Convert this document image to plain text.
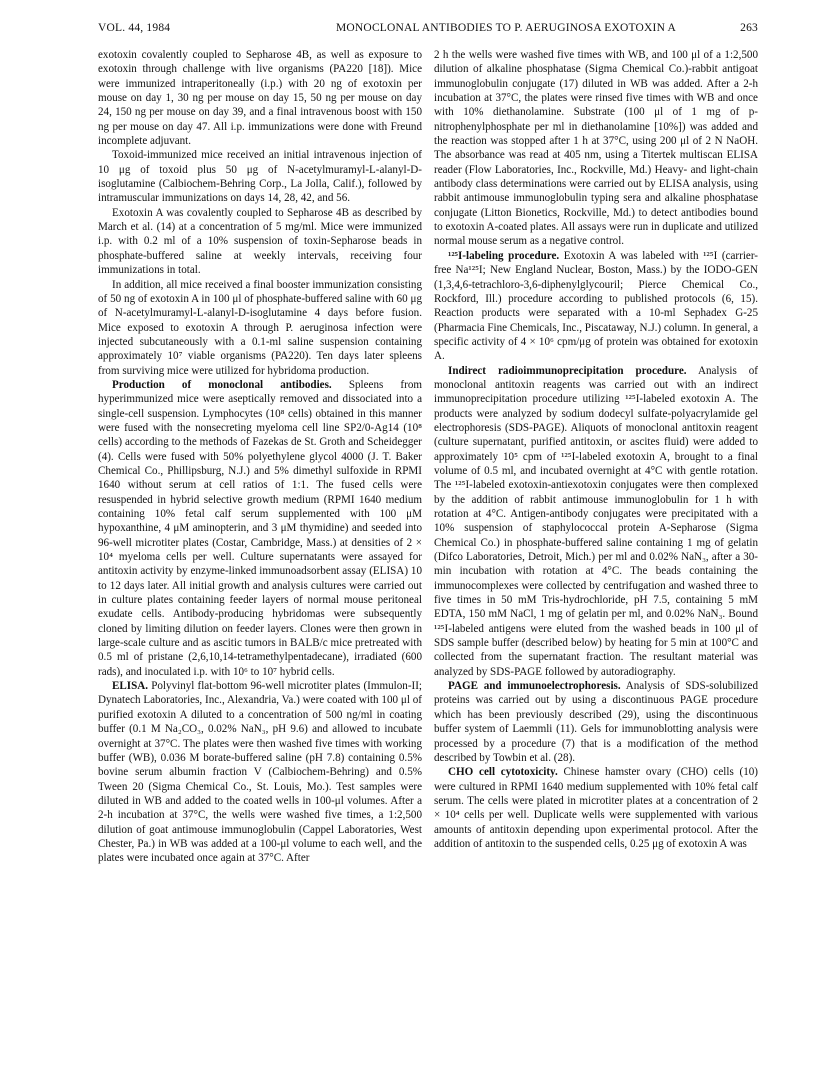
VOL. 44, 1984	MONOCLONAL ANTIBODIES TO P. AERUGINOSA EXOTOXIN A	263

exotoxin covalently coupled to Sepharose 4B, as well as exposure to exotoxin through challenge with live organisms (PA220 [18]). Mice were immunized intraperitoneally (i.p.) with 20 ng of exotoxin per mouse on day 1, 30 ng per mouse on day 15, 50 ng per mouse on day 24, 150 ng per mouse on day 39, and a final intravenous boost with 150 ng per mouse on day 47. All i.p. immunizations were done with Freund incomplete adjuvant.

Toxoid-immunized mice received an initial intravenous injection of 10 μg of toxoid plus 50 μg of N-acetylmuramyl-L-alanyl-D-isoglutamine (Calbiochem-Behring Corp., La Jolla, Calif.), followed by intramuscular immunizations on days 14, 28, 42, and 56.

Exotoxin A was covalently coupled to Sepharose 4B as described by March et al. (14) at a concentration of 5 mg/ml. Mice were immunized i.p. with 0.2 ml of a 10% suspension of toxin-Sepharose beads in phosphate-buffered saline at weekly intervals, receiving four immunizations in total.

In addition, all mice received a final booster immunization consisting of 50 ng of exotoxin A in 100 μl of phosphate-buffered saline with 60 μg of N-acetylmuramyl-L-alanyl-D-isoglutamine 4 days before fusion. Mice exposed to exotoxin A through P. aeruginosa infection were injected subcutaneously with a 0.1-ml saline suspension containing approximately 10⁷ viable organisms (PA220). Ten days later spleens from surviving mice were utilized for hybridoma production.

Production of monoclonal antibodies. Spleens from hyperimmunized mice were aseptically removed and dissociated into a single-cell suspension. Lymphocytes (10⁸ cells) obtained in this manner were fused with the nonsecreting myeloma cell line SP2/0-Ag14 (10⁸ cells) according to the methods of Fazekas de St. Groth and Scheidegger (4). Cells were fused with 50% polyethylene glycol 4000 (J. T. Baker Chemical Co., Phillipsburg, N.J.) and 5% dimethyl sulfoxide in RPMI 1640 without serum at cell ratios of 1:1. The fused cells were resuspended in hybrid selective growth medium (RPMI 1640 medium containing 10% fetal calf serum supplemented with 100 μM hypoxanthine, 4 μM aminopterin, and 3 μM thymidine) and seeded into 96-well microtiter plates (Costar, Cambridge, Mass.) at densities of 2 × 10⁴ myeloma cells per well. Culture supernatants were assayed for antitoxin activity by enzyme-linked immunoadsorbent assay (ELISA) 10 to 12 days later. All initial growth and analysis cultures were carried out in culture plates containing feeder layers of normal mouse peritoneal exudate cells. Antibody-producing hybridomas were subsequently cloned by limiting dilution on feeder layers. Clones were then grown in large-scale culture and as ascitic tumors in BALB/c mice pretreated with 0.5 ml of pristane (2,6,10,14-tetramethylpentadecane), irradiated (600 rads), and inoculated i.p. with 10⁶ to 10⁷ hybrid cells.

ELISA. Polyvinyl flat-bottom 96-well microtiter plates (Immulon-II; Dynatech Laboratories, Inc., Alexandria, Va.) were coated with 100 μl of purified exotoxin A diluted to a concentration of 500 ng/ml in coating buffer (0.1 M Na₂CO₃, 0.02% NaN₃, pH 9.6) and allowed to incubate overnight at 37°C. The plates were then washed five times with working buffer (WB), 0.036 M borate-buffered saline (pH 7.8) containing 0.5% bovine serum albumin fraction V (Calbiochem-Behring) and 0.5% Tween 20 (Sigma Chemical Co., St. Louis, Mo.). Test samples were diluted in WB and added to the coated wells in 100-μl volumes. After a 2-h incubation at 37°C, the wells were washed five times, a 1:2,500 dilution of goat antimouse immunoglobulin (Cappel Laboratories, West Chester, Pa.) in WB was added at a 100-μl volume to each well, and the plates were incubated once again at 37°C. After

2 h the wells were washed five times with WB, and 100 μl of a 1:2,500 dilution of alkaline phosphatase (Sigma Chemical Co.)-rabbit antigoat immunoglobulin conjugate (17) diluted in WB was added. After a 2-h incubation at 37°C, the plates were rinsed five times with WB and once with 10% diethanolamine. Substrate (100 μl of 1 mg of p-nitrophenylphosphate per ml in diethanolamine [10%]) was added and the reaction was stopped after 1 h at 37°C, using 200 μl of 2 N NaOH. The absorbance was read at 405 nm, using a Titertek multiscan ELISA reader (Flow Laboratories, Inc., Rockville, Md.) Heavy- and light-chain antibody class determinations were carried out by ELISA analysis, using rabbit antimouse immunoglobulin typing sera and alkaline phosphatase conjugate (Litton Bionetics, Rockville, Md.) to detect antibodies bound to exotoxin A-coated plates. All assays were run in duplicate and utilized normal mouse serum as a negative control.

¹²⁵I-labeling procedure. Exotoxin A was labeled with ¹²⁵I (carrier-free Na¹²⁵I; New England Nuclear, Boston, Mass.) by the IODO-GEN (1,3,4,6-tetrachloro-3,6-diphenylglycouril; Pierce Chemical Co., Rockford, Ill.) procedure according to published protocols (6, 15). Reaction products were separated with a 10-ml Sephadex G-25 (Pharmacia Fine Chemicals, Inc., Piscataway, N.J.) column. In general, a specific activity of 4 × 10⁶ cpm/μg of protein was obtained for exotoxin A.

Indirect radioimmunoprecipitation procedure. Analysis of monoclonal antitoxin reagents was carried out with an indirect immunoprecipitation procedure utilizing ¹²⁵I-labeled exotoxin A. The products were analyzed by sodium dodecyl sulfate-polyacrylamide gel electrophoresis (SDS-PAGE). Aliquots of monoclonal antitoxin reagent (culture supernatant, purified antitoxin, or ascites fluid) were added to approximately 10⁵ cpm of ¹²⁵I-labeled exotoxin A, brought to a final volume of 0.5 ml, and incubated overnight at 4°C with gentle rotation. The ¹²⁵I-labeled exotoxin-antiexotoxin conjugates were then complexed by the addition of rabbit antimouse immunoglobulin for 1 h with rotation at 4°C. Antigen-antibody conjugates were precipitated with a 10% suspension of staphylococcal protein A-Sepharose (Sigma Chemical Co.) in phosphate-buffered saline containing 1 mg of gelatin (Difco Laboratories, Detroit, Mich.) per ml and 0.02% NaN₃, after a 30-min incubation with rotation at 4°C. The beads containing the immunocomplexes were collected by centrifugation and washed three to five times in 50 mM Tris-hydrochloride, pH 7.5, containing 5 mM EDTA, 150 mM NaCl, 1 mg of gelatin per ml, and 0.02% NaN₃. Bound ¹²⁵I-labeled antigens were eluted from the washed beads in 100 μl of SDS sample buffer (described below) by heating for 5 min at 100°C and collected from the supernatant fraction. The resultant material was analyzed by SDS-PAGE followed by autoradiography.

PAGE and immunoelectrophoresis. Analysis of SDS-solubilized proteins was carried out by using a discontinuous PAGE procedure which has been previously described (29), using the discontinuous buffer system of Laemmli (11). Gels for immunoblotting analysis were processed by a procedure (7) that is a modification of the method described by Towbin et al. (28).

CHO cell cytotoxicity. Chinese hamster ovary (CHO) cells (10) were cultured in RPMI 1640 medium supplemented with 10% fetal calf serum. The cells were plated in microtiter plates at a concentration of 2 × 10⁴ cells per well. Duplicate wells were supplemented with various amounts of antitoxin depending upon experimental protocol. After the addition of antitoxin to the suspended cells, 0.25 μg of exotoxin A was
